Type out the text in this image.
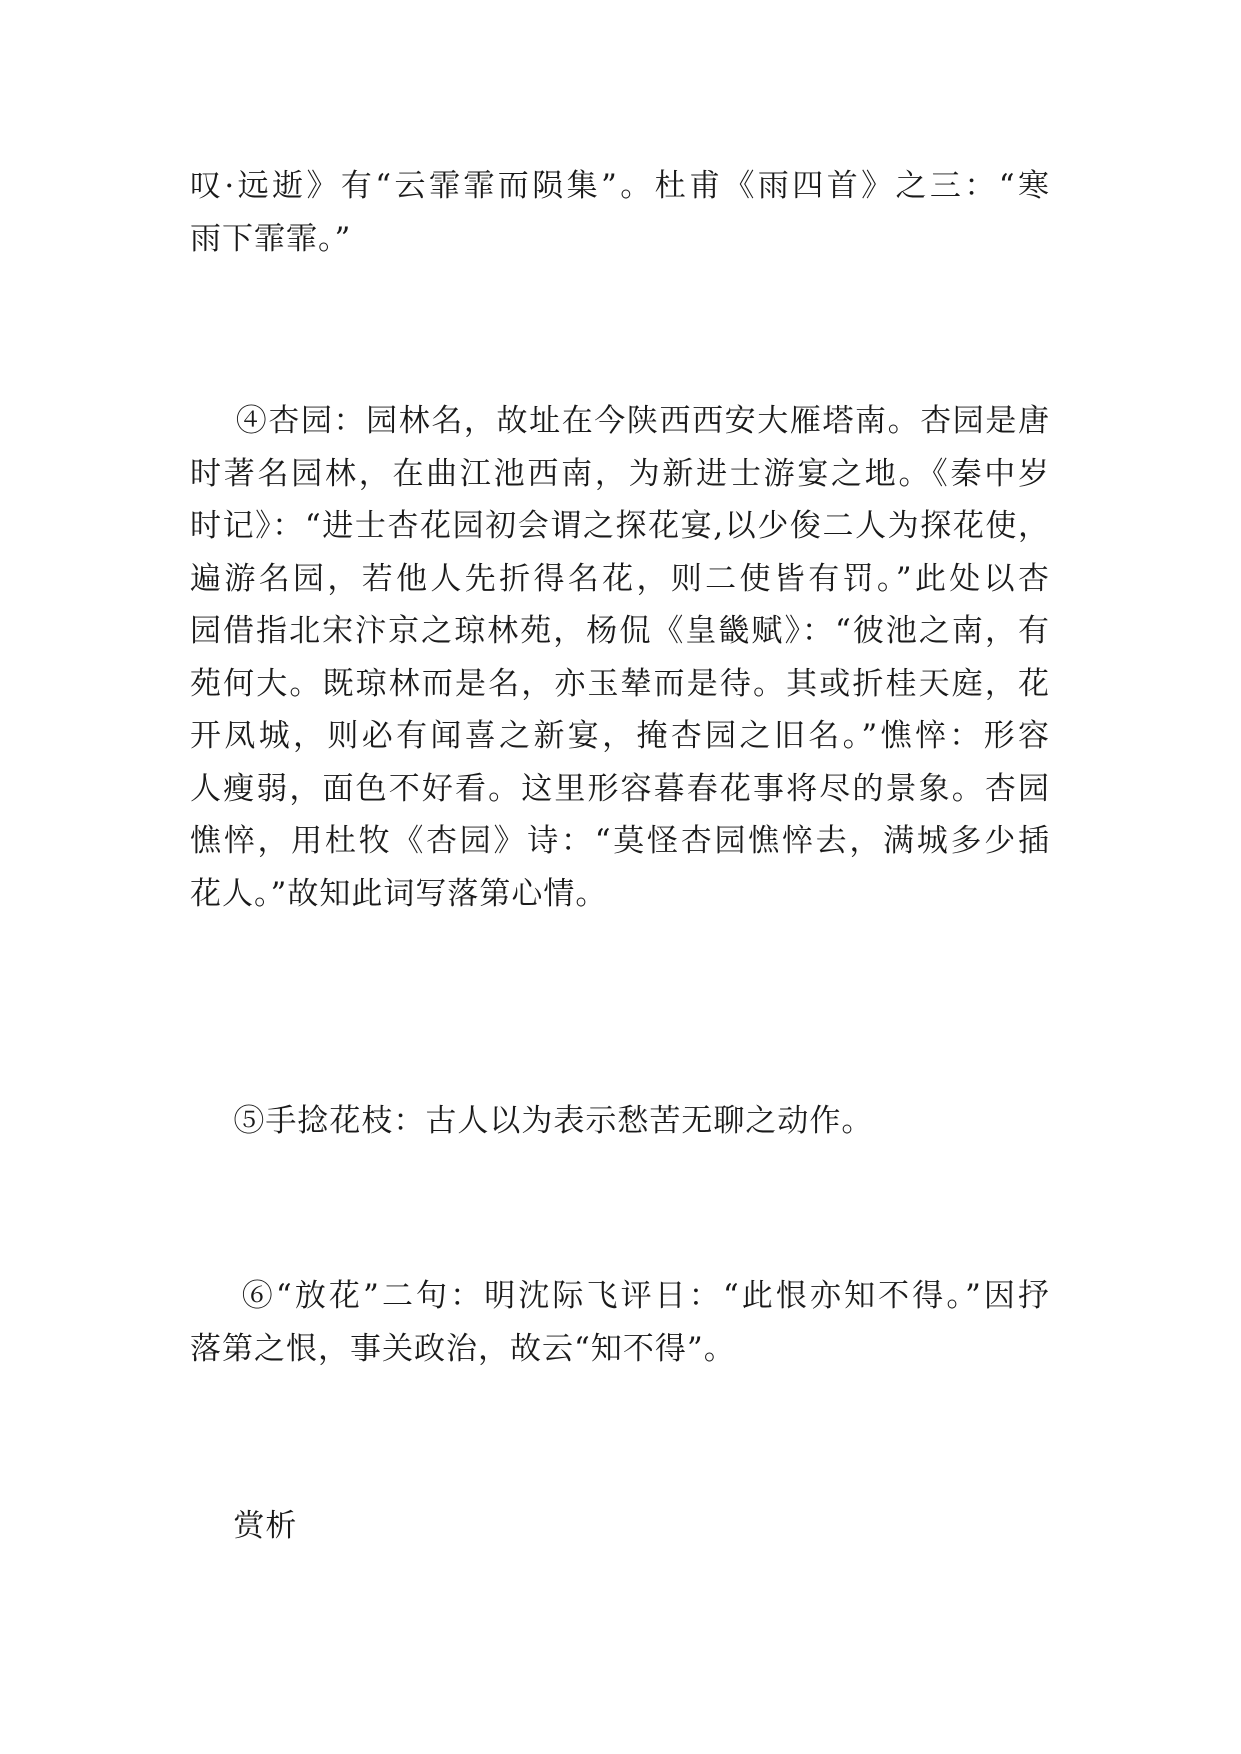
叹·远逝》有“云霏霏而陨集”。杜甫《雨四首》之三：“寒
雨下霏霏。”
④杏园：园林名，故址在今陕西西安大雁塔南。杏园是唐
时著名园林，在曲江池西南，为新进士游宴之地。《秦中岁
时记》：“进士杏花园初会谓之探花宴,以少俊二人为探花使，
遍游名园，若他人先折得名花，则二使皆有罚。”此处以杏
园借指北宋汴京之琼林苑，杨侃《皇畿赋》：“彼池之南，有
苑何大。既琼林而是名，亦玉辇而是待。其或折桂天庭，花
开凤城，则必有闻喜之新宴，掩杏园之旧名。”憔悴：形容
人瘦弱，面色不好看。这里形容暮春花事将尽的景象。杏园
憔悴，用杜牧《杏园》诗：“莫怪杏园憔悴去，满城多少插
花人。”故知此词写落第心情。
⑤手捻花枝：古人以为表示愁苦无聊之动作。
⑥“放花”二句：明沈际飞评日：“此恨亦知不得。”因抒
落第之恨，事关政治，故云“知不得”。
赏析
